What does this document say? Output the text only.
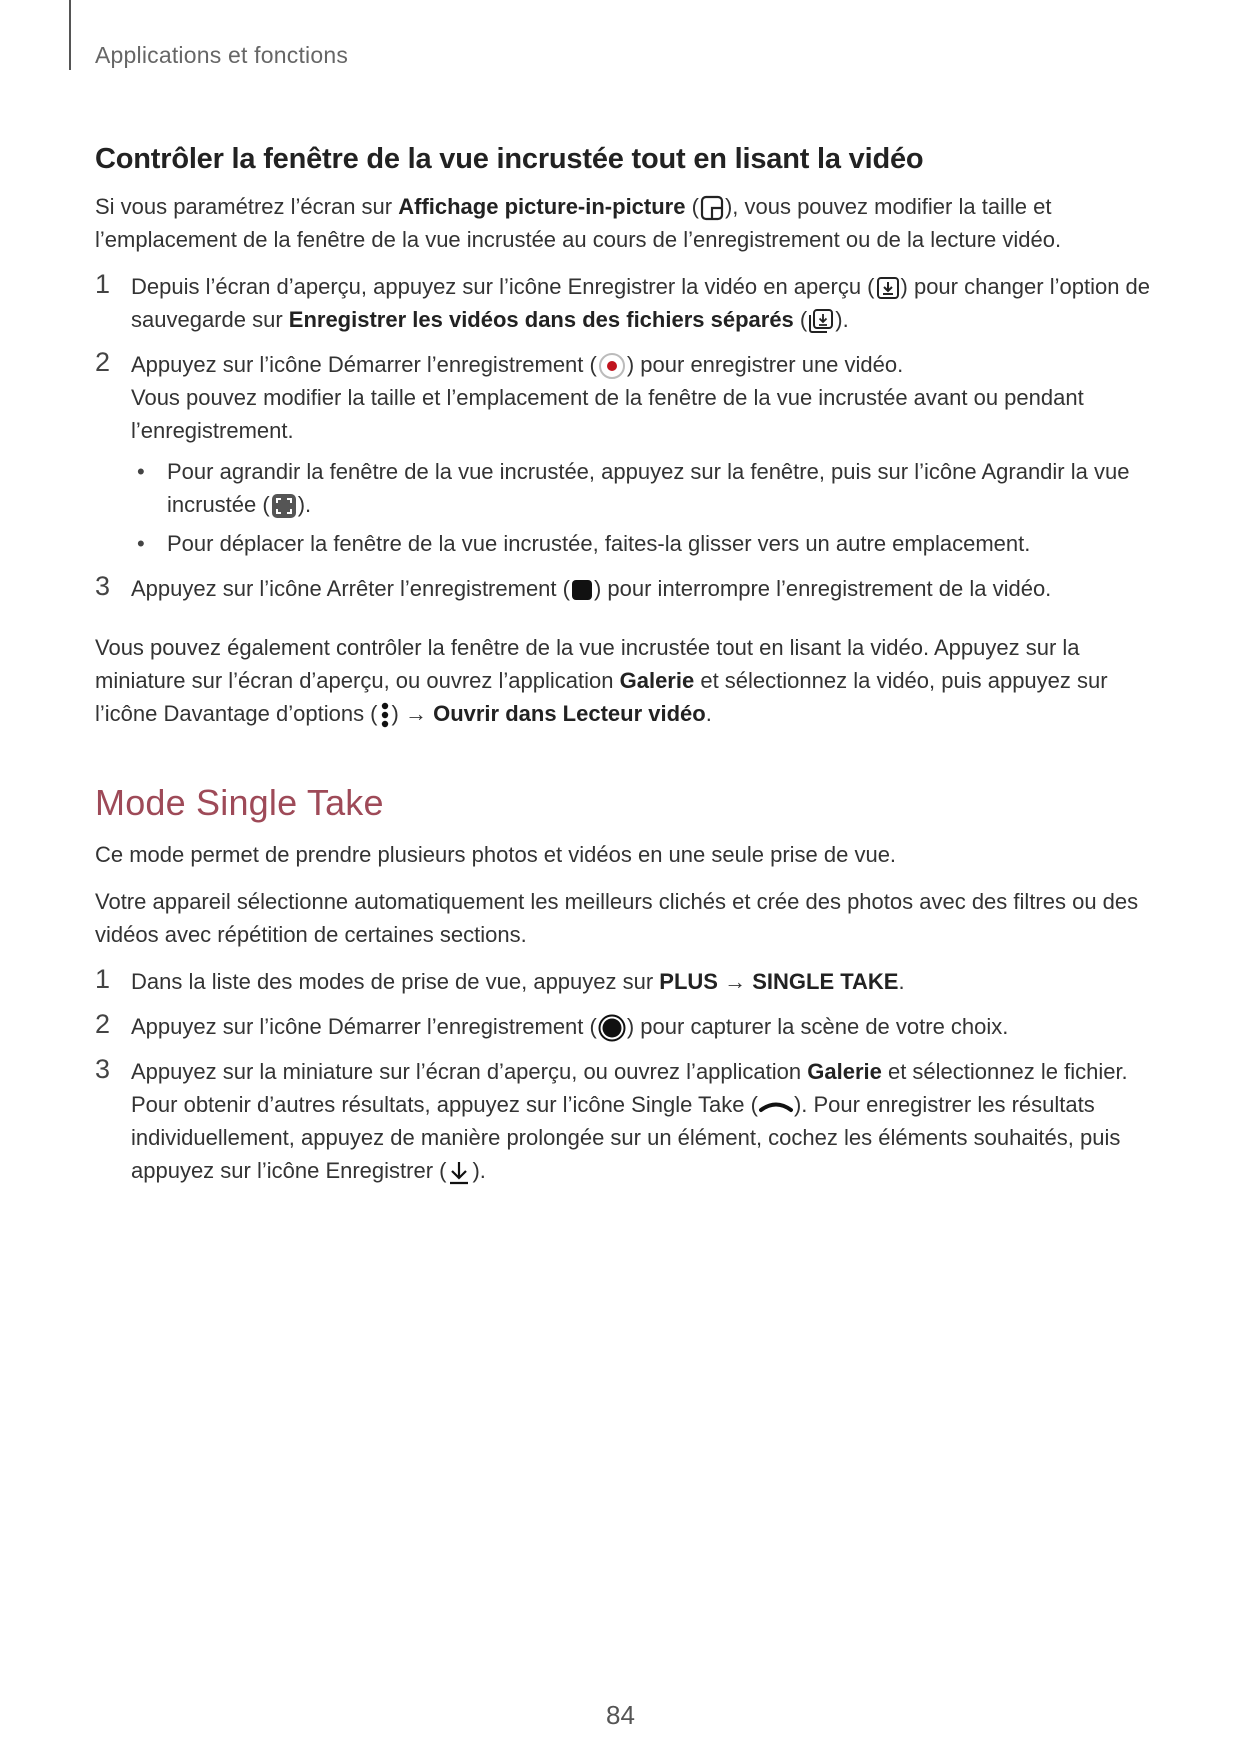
Applications et fonctions
Contrôler la fenêtre de la vue incrustée tout en lisant la vidéo

Si vous paramétrez l’écran sur Affichage picture-in-picture ( ), vous pouvez modifier la taille et l’emplacement de la fenêtre de la vue incrustée au cours de l’enregistrement ou de la lecture vidéo.

1 Depuis l’écran d’aperçu, appuyez sur l’icône Enregistrer la vidéo en aperçu ( ) pour changer l’option de sauvegarde sur Enregistrer les vidéos dans des fichiers séparés ( ).

2 Appuyez sur l’icône Démarrer l’enregistrement ( ) pour enregistrer une vidéo.

Vous pouvez modifier la taille et l’emplacement de la fenêtre de la vue incrustée avant ou pendant l’enregistrement.

• Pour agrandir la fenêtre de la vue incrustée, appuyez sur la fenêtre, puis sur l’icône Agrandir la vue incrustée ( ).
• Pour déplacer la fenêtre de la vue incrustée, faites-la glisser vers un autre emplacement.
3 Appuyez sur l’icône Arrêter l’enregistrement ( ) pour interrompre l’enregistrement de la vidéo.

Vous pouvez également contrôler la fenêtre de la vue incrustée tout en lisant la vidéo. Appuyez sur la miniature sur l’écran d’aperçu, ou ouvrez l’application Galerie et sélectionnez la vidéo, puis appuyez sur l’icône Davantage d’options ( ) → Ouvrir dans Lecteur vidéo.

Mode Single Take

Ce mode permet de prendre plusieurs photos et vidéos en une seule prise de vue.

Votre appareil sélectionne automatiquement les meilleurs clichés et crée des photos avec des filtres ou des vidéos avec répétition de certaines sections.

1 Dans la liste des modes de prise de vue, appuyez sur PLUS → SINGLE TAKE.

2 Appuyez sur l’icône Démarrer l’enregistrement ( ) pour capturer la scène de votre choix.

3 Appuyez sur la miniature sur l’écran d’aperçu, ou ouvrez l’application Galerie et sélectionnez le fichier.

Pour obtenir d’autres résultats, appuyez sur l’icône Single Take ( ). Pour enregistrer les résultats individuellement, appuyez de manière prolongée sur un élément, cochez les éléments souhaités, puis appuyez sur l’icône Enregistrer ( ).

84
